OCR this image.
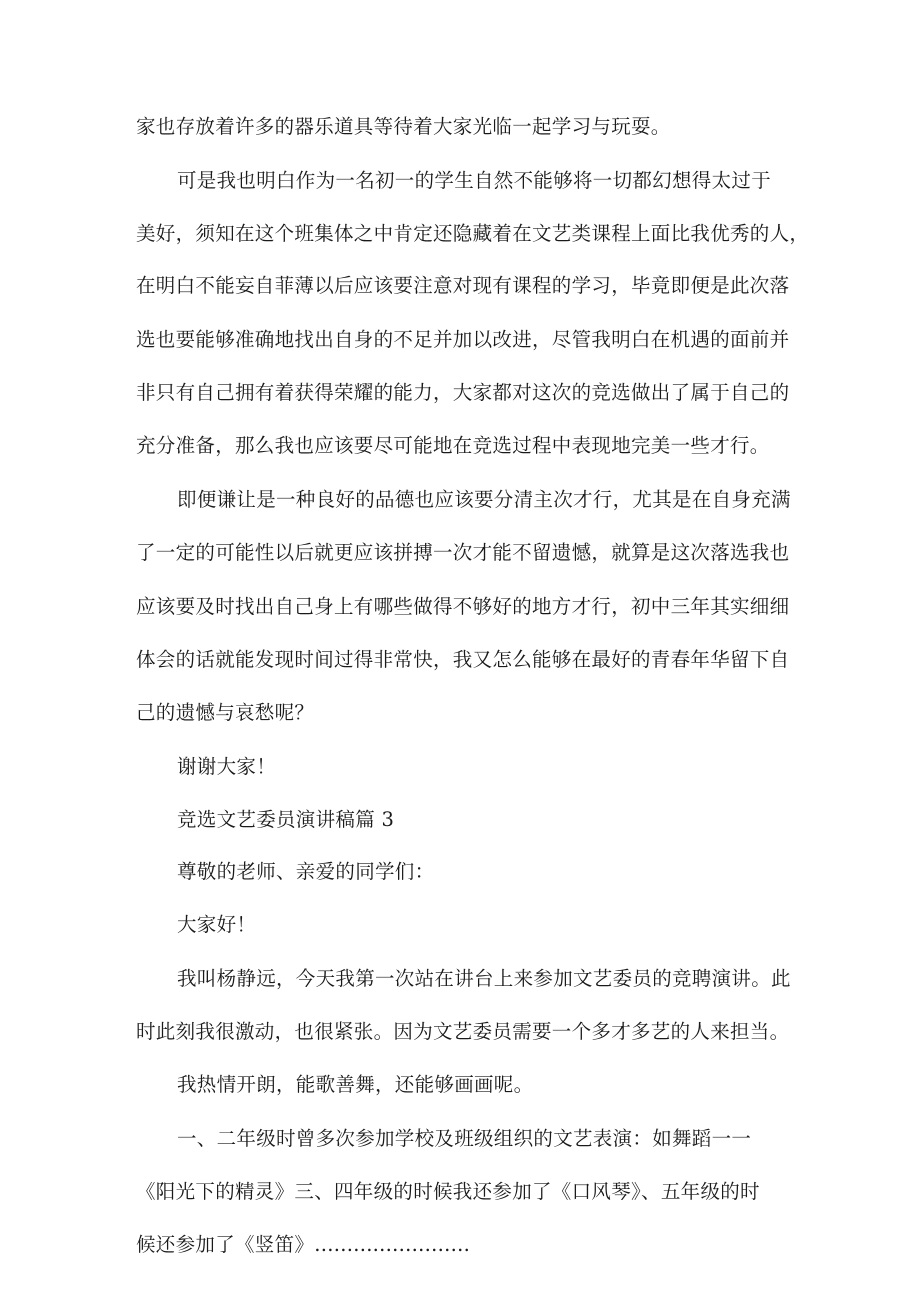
家也存放着许多的器乐道具等待着大家光临一起学习与玩耍。
可是我也明白作为一名初一的学生自然不能够将一切都幻想得太过于
美好，须知在这个班集体之中肯定还隐藏着在文艺类课程上面比我优秀的人，
在明白不能妄自菲薄以后应该要注意对现有课程的学习，毕竟即便是此次落
选也要能够准确地找出自身的不足并加以改进，尽管我明白在机遇的面前并
非只有自己拥有着获得荣耀的能力，大家都对这次的竞选做出了属于自己的
充分准备，那么我也应该要尽可能地在竞选过程中表现地完美一些才行。
即便谦让是一种良好的品德也应该要分清主次才行，尤其是在自身充满
了一定的可能性以后就更应该拼搏一次才能不留遗憾，就算是这次落选我也
应该要及时找出自己身上有哪些做得不够好的地方才行，初中三年其实细细
体会的话就能发现时间过得非常快，我又怎么能够在最好的青春年华留下自
己的遗憾与哀愁呢？
谢谢大家！
竞选文艺委员演讲稿篇 3
尊敬的老师、亲爱的同学们：
大家好！
我叫杨静远，今天我第一次站在讲台上来参加文艺委员的竞聘演讲。此
时此刻我很激动，也很紧张。因为文艺委员需要一个多才多艺的人来担当。
我热情开朗，能歌善舞，还能够画画呢。
一、二年级时曾多次参加学校及班级组织的文艺表演：如舞蹈一一
《阳光下的精灵》三、四年级的时候我还参加了《口风琴》、五年级的时
候还参加了《竖笛》........................
